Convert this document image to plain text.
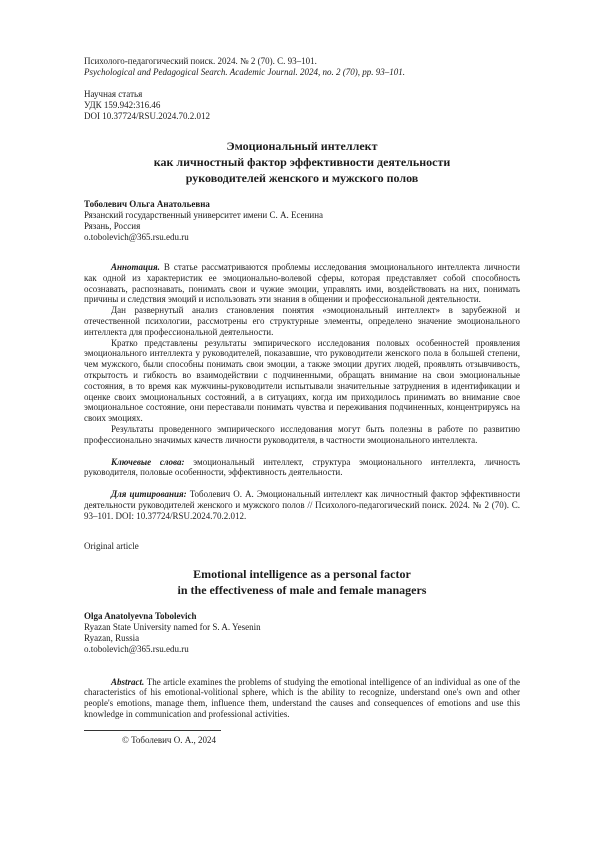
Психолого-педагогический поиск. 2024. № 2 (70). С. 93–101.
Psychological and Pedagogical Search. Academic Journal. 2024, no. 2 (70), pp. 93–101.
Научная статья
УДК 159.942:316.46
DOI 10.37724/RSU.2024.70.2.012
Эмоциональный интеллект
как личностный фактор эффективности деятельности
руководителей женского и мужского полов
Тоболевич Ольга Анатольевна
Рязанский государственный университет имени С. А. Есенина
Рязань, Россия
o.tobolevich@365.rsu.edu.ru

Аннотация. В статье рассматриваются проблемы исследования эмоционального интеллекта личности как одной из характеристик ее эмоционально-волевой сферы, которая представляет собой способность осознавать, распознавать, понимать свои и чужие эмоции, управлять ими, воздействовать на них, понимать причины и следствия эмоций и использовать эти знания в общении и профессиональной деятельности.

Дан развернутый анализ становления понятия «эмоциональный интеллект» в зарубежной и отечественной психологии, рассмотрены его структурные элементы, определено значение эмоционального интеллекта для профессиональной деятельности.

Кратко представлены результаты эмпирического исследования половых особенностей проявления эмоционального интеллекта у руководителей, показавшие, что руководители женского пола в большей степени, чем мужского, были способны понимать свои эмоции, а также эмоции других людей, проявлять отзывчивость, открытость и гибкость во взаимодействии с подчиненными, обращать внимание на свои эмоциональные состояния, в то время как мужчины-руководители испытывали значительные затруднения в идентификации и оценке своих эмоциональных состояний, а в ситуациях, когда им приходилось принимать во внимание свое эмоциональное состояние, они переставали понимать чувства и переживания подчиненных, концентрируясь на своих эмоциях.

Результаты проведенного эмпирического исследования могут быть полезны в работе по развитию профессионально значимых качеств личности руководителя, в частности эмоционального интеллекта.

Ключевые слова: эмоциональный интеллект, структура эмоционального интеллекта, личность руководителя, половые особенности, эффективность деятельности.

Для цитирования: Тоболевич О. А. Эмоциональный интеллект как личностный фактор эффективности деятельности руководителей женского и мужского полов // Психолого-педагогический поиск. 2024. № 2 (70). С. 93–101. DOI: 10.37724/RSU.2024.70.2.012.

Original article
Emotional intelligence as a personal factor
in the effectiveness of male and female managers
Olga Anatolyevna Tobolevich
Ryazan State University named for S. A. Yesenin
Ryazan, Russia
o.tobolevich@365.rsu.edu.ru

Abstract. The article examines the problems of studying the emotional intelligence of an individual as one of the characteristics of his emotional-volitional sphere, which is the ability to recognize, understand one's own and other people's emotions, manage them, influence them, understand the causes and consequences of emotions and use this knowledge in communication and professional activities.

© Тоболевич О. А., 2024
